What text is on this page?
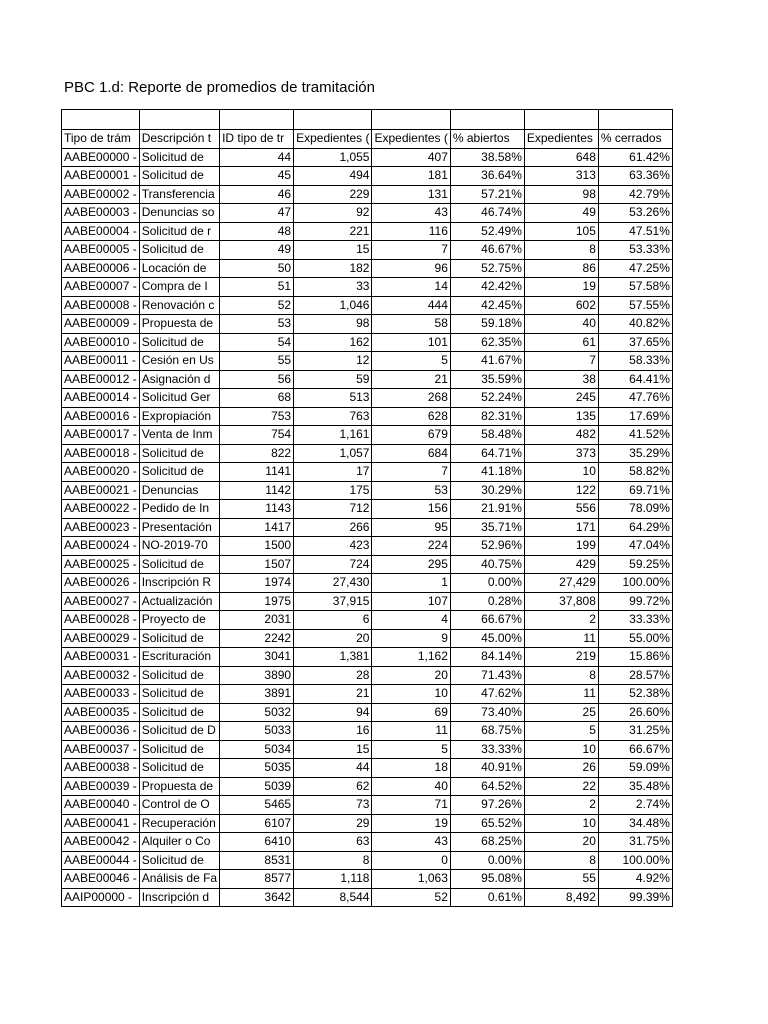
PBC 1.d: Reporte de promedios de tramitación

Tipo de trám	Descripción t	ID tipo de tr	Expedientes (	Expedientes (	% abiertos	Expedientes	% cerrados
AABE00000 -	Solicitud de	44	1,055	407	38.58%	648	61.42%
AABE00001 -	Solicitud de	45	494	181	36.64%	313	63.36%
AABE00002 -	Transferencia	46	229	131	57.21%	98	42.79%
AABE00003 -	Denuncias so	47	92	43	46.74%	49	53.26%
AABE00004 -	Solicitud de r	48	221	116	52.49%	105	47.51%
AABE00005 -	Solicitud de	49	15	7	46.67%	8	53.33%
AABE00006 -	Locación de	50	182	96	52.75%	86	47.25%
AABE00007 -	Compra de I	51	33	14	42.42%	19	57.58%
AABE00008 -	Renovación c	52	1,046	444	42.45%	602	57.55%
AABE00009 -	Propuesta de	53	98	58	59.18%	40	40.82%
AABE00010 -	Solicitud de	54	162	101	62.35%	61	37.65%
AABE00011 -	Cesión en Us	55	12	5	41.67%	7	58.33%
AABE00012 -	Asignación d	56	59	21	35.59%	38	64.41%
AABE00014 -	Solicitud Ger	68	513	268	52.24%	245	47.76%
AABE00016 -	Expropiación	753	763	628	82.31%	135	17.69%
AABE00017 -	Venta de Inm	754	1,161	679	58.48%	482	41.52%
AABE00018 -	Solicitud de	822	1,057	684	64.71%	373	35.29%
AABE00020 -	Solicitud de	1141	17	7	41.18%	10	58.82%
AABE00021 -	Denuncias	1142	175	53	30.29%	122	69.71%
AABE00022 -	Pedido de In	1143	712	156	21.91%	556	78.09%
AABE00023 -	Presentación	1417	266	95	35.71%	171	64.29%
AABE00024 -	NO-2019-70	1500	423	224	52.96%	199	47.04%
AABE00025 -	Solicitud de	1507	724	295	40.75%	429	59.25%
AABE00026 -	Inscripción R	1974	27,430	1	0.00%	27,429	100.00%
AABE00027 -	Actualización	1975	37,915	107	0.28%	37,808	99.72%
AABE00028 -	Proyecto de	2031	6	4	66.67%	2	33.33%
AABE00029 -	Solicitud de	2242	20	9	45.00%	11	55.00%
AABE00031 -	Escrituración	3041	1,381	1,162	84.14%	219	15.86%
AABE00032 -	Solicitud de	3890	28	20	71.43%	8	28.57%
AABE00033 -	Solicitud de	3891	21	10	47.62%	11	52.38%
AABE00035 -	Solicitud de	5032	94	69	73.40%	25	26.60%
AABE00036 -	Solicitud de D	5033	16	11	68.75%	5	31.25%
AABE00037 -	Solicitud de	5034	15	5	33.33%	10	66.67%
AABE00038 -	Solicitud de	5035	44	18	40.91%	26	59.09%
AABE00039 -	Propuesta de	5039	62	40	64.52%	22	35.48%
AABE00040 -	Control de O	5465	73	71	97.26%	2	2.74%
AABE00041 -	Recuperación	6107	29	19	65.52%	10	34.48%
AABE00042 -	Alquiler o Co	6410	63	43	68.25%	20	31.75%
AABE00044 -	Solicitud de	8531	8	0	0.00%	8	100.00%
AABE00046 -	Análisis de Fa	8577	1,118	1,063	95.08%	55	4.92%
AAIP00000 -	Inscripción d	3642	8,544	52	0.61%	8,492	99.39%
